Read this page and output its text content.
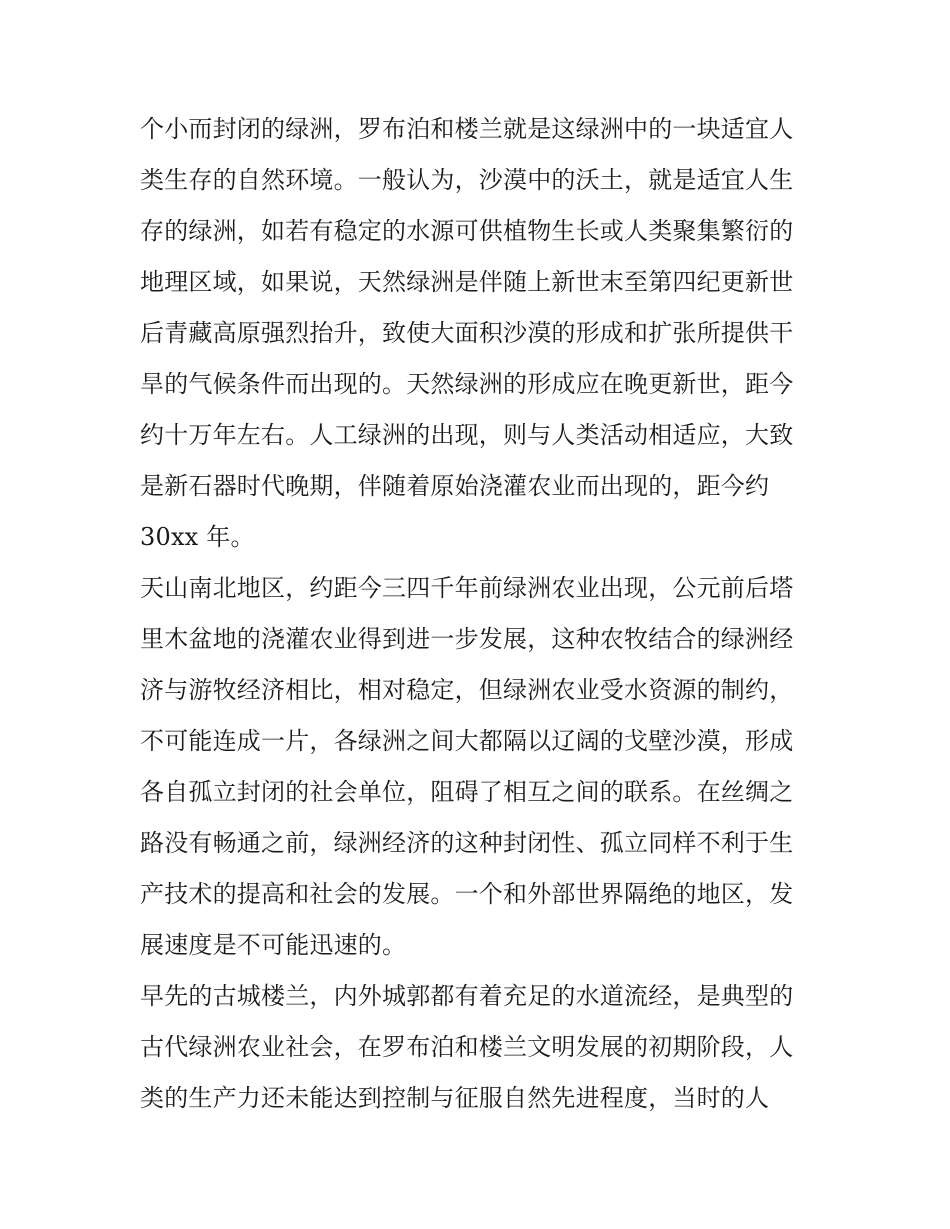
个小而封闭的绿洲，罗布泊和楼兰就是这绿洲中的一块适宜人
类生存的自然环境。一般认为，沙漠中的沃土，就是适宜人生
存的绿洲，如若有稳定的水源可供植物生长或人类聚集繁衍的
地理区域，如果说，天然绿洲是伴随上新世末至第四纪更新世
后青藏高原强烈抬升，致使大面积沙漠的形成和扩张所提供干
旱的气候条件而出现的。天然绿洲的形成应在晚更新世，距今
约十万年左右。人工绿洲的出现，则与人类活动相适应，大致
是新石器时代晚期，伴随着原始浇灌农业而出现的，距今约
30xx 年。
天山南北地区，约距今三四千年前绿洲农业出现，公元前后塔
里木盆地的浇灌农业得到进一步发展，这种农牧结合的绿洲经
济与游牧经济相比，相对稳定，但绿洲农业受水资源的制约，
不可能连成一片，各绿洲之间大都隔以辽阔的戈壁沙漠，形成
各自孤立封闭的社会单位，阻碍了相互之间的联系。在丝绸之
路没有畅通之前，绿洲经济的这种封闭性、孤立同样不利于生
产技术的提高和社会的发展。一个和外部世界隔绝的地区，发
展速度是不可能迅速的。
早先的古城楼兰，内外城郭都有着充足的水道流经，是典型的
古代绿洲农业社会，在罗布泊和楼兰文明发展的初期阶段，人
类的生产力还未能达到控制与征服自然先进程度，当时的人
